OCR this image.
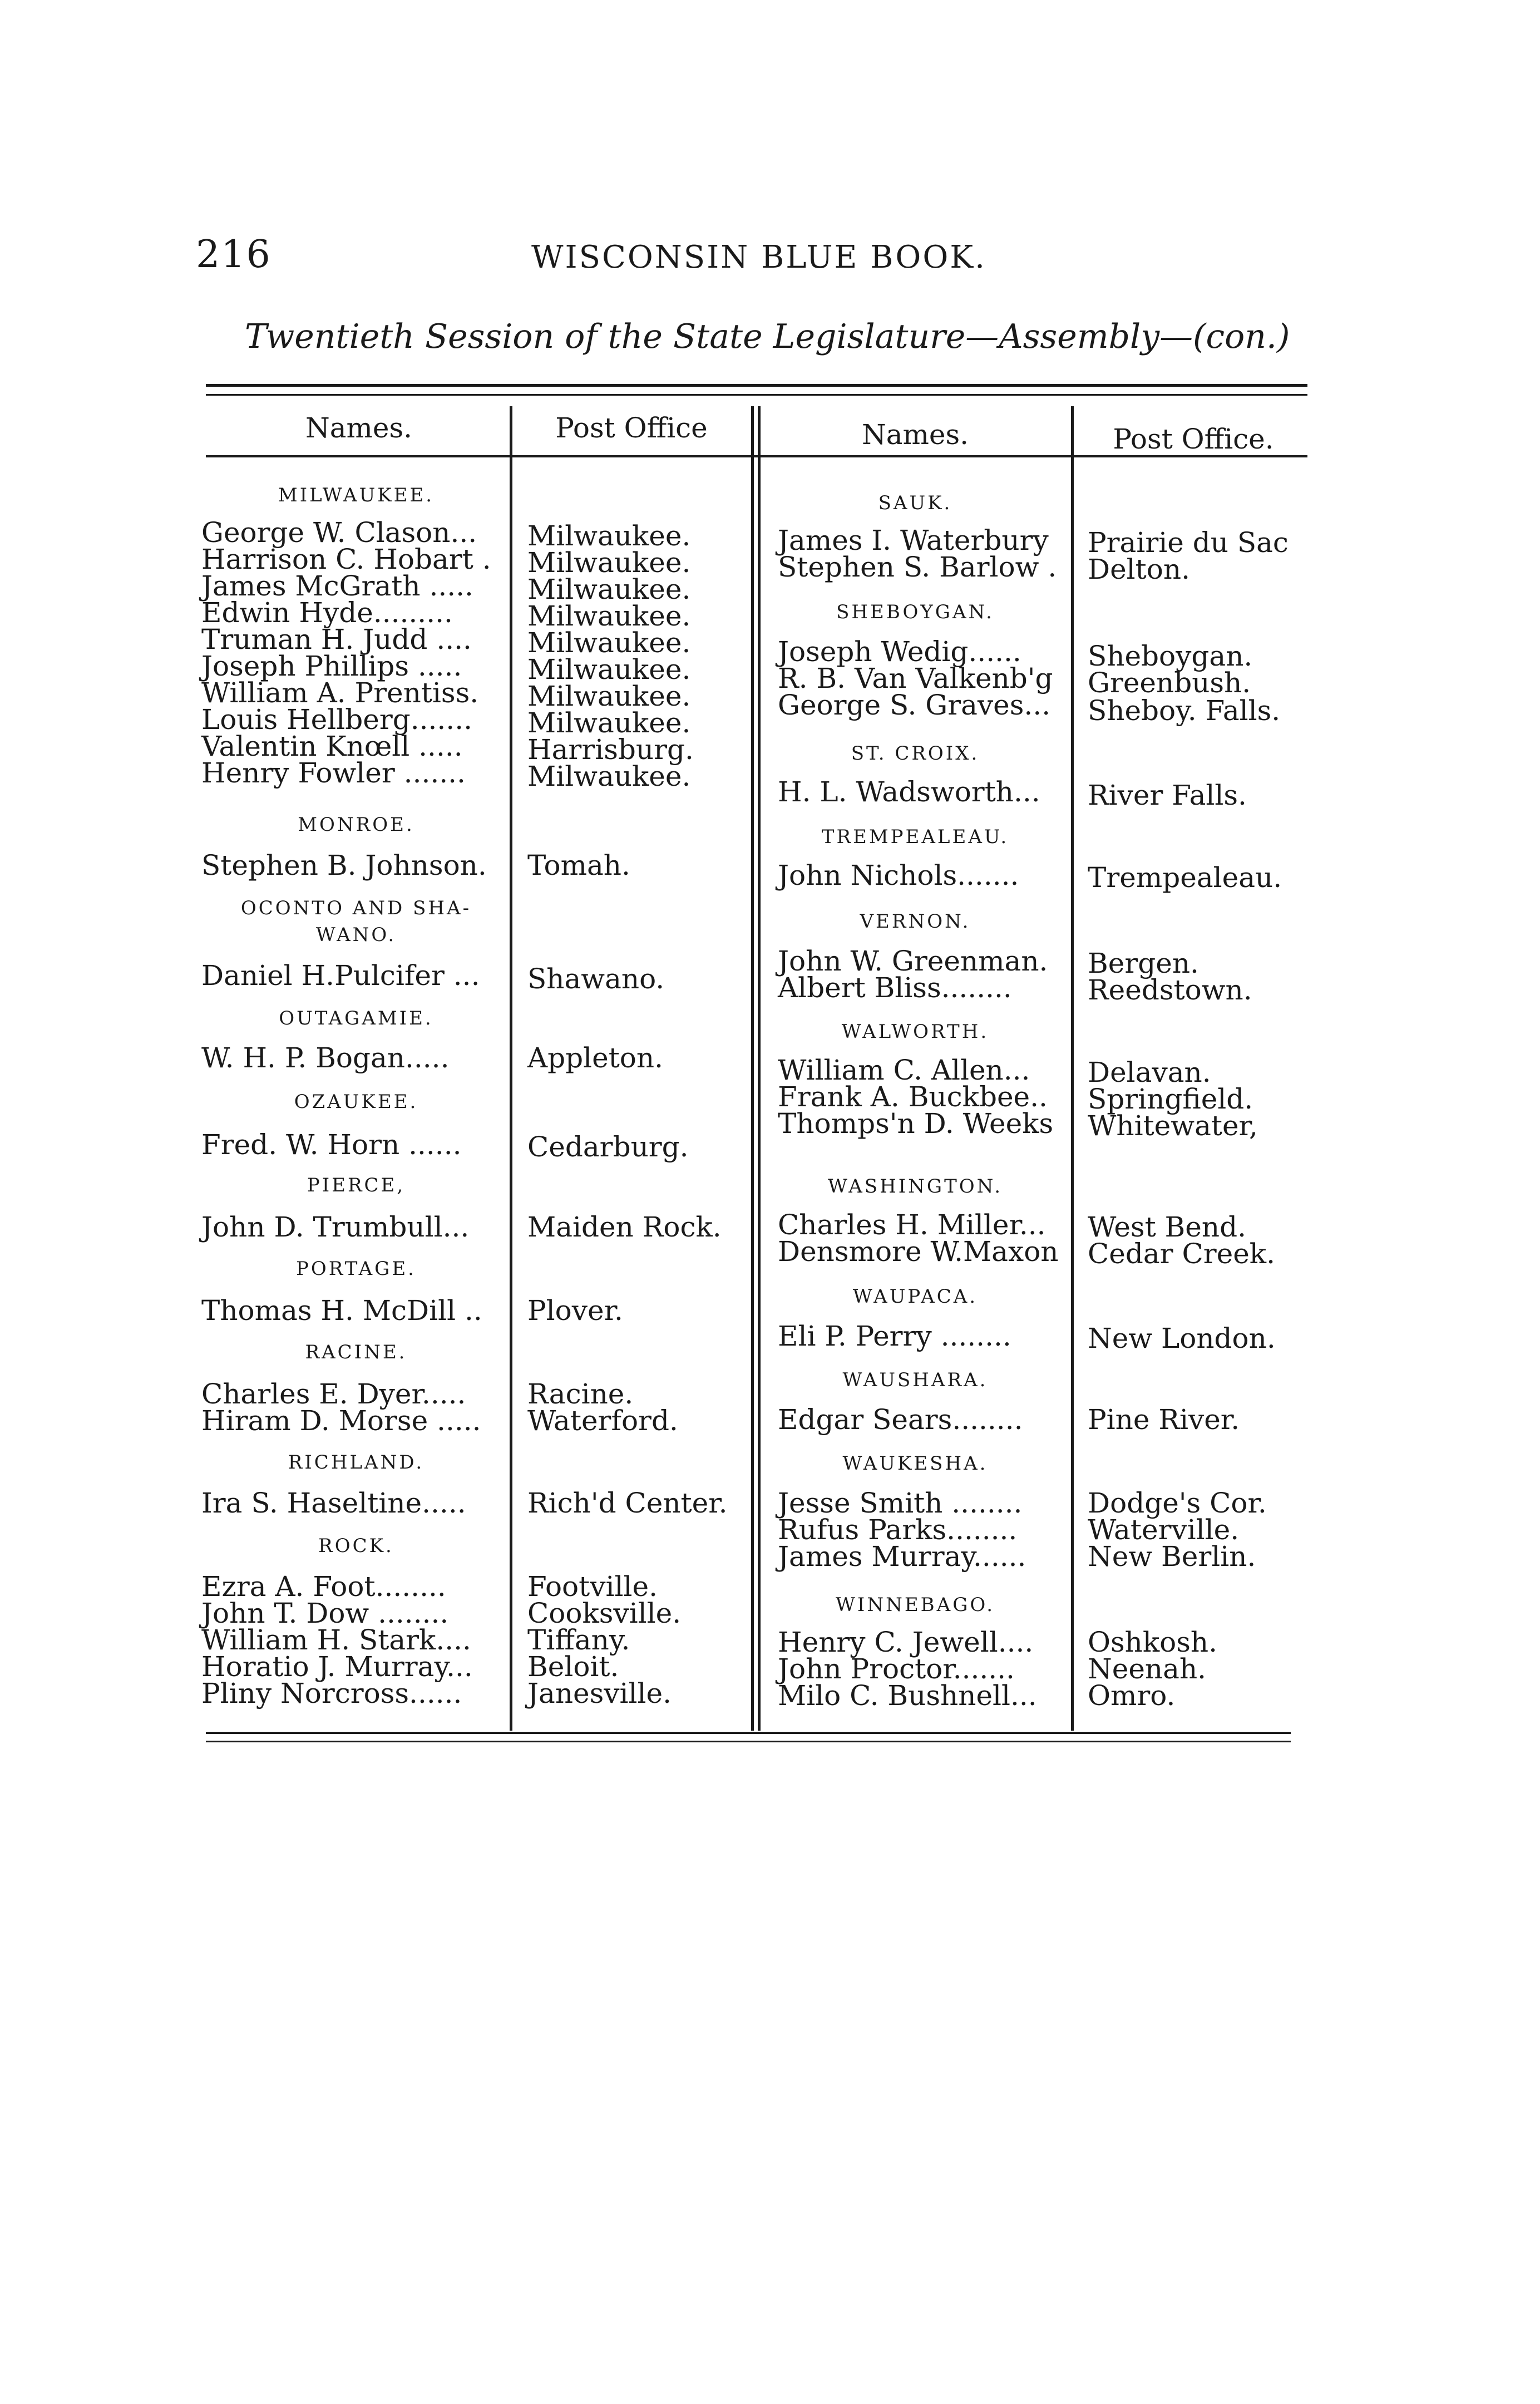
216	WISCONSIN BLUE BOOK.
Twentieth Session of the State Legislature—Assembly—(con.)
Names.	Post Office	Names.	Post Office.
MILWAUKEE.
George W. Clason... Milwaukee.
Harrison C. Hobart . Milwaukee.
James McGrath ..... Milwaukee.
Edwin Hyde.........	Milwaukee.
Truman H. Judd .... Milwaukee.
Joseph Phillips ..... Milwaukee.
William A. Prentiss. Milwaukee.
Louis Hellberg....... Milwaukee.
Valentin Knœll ..... Harrisburg.
Henry Fowler ....... Milwaukee.
MONROE.
Stephen B. Johnson. Tomah.
OCONTO AND SHA-
WANO.
Daniel H.Pulcifer ... Shawano.
OUTAGAMIE.
W. H. P. Bogan.....	Appleton.
OZAUKEE.
Fred. W. Horn ...... Cedarburg.
PIERCE,
John D. Trumbull... Maiden Rock.
PORTAGE.
Thomas H. McDill .. Plover.
RACINE.
Charles E. Dyer..... Racine.
Hiram D. Morse ..... Waterford.
RICHLAND.
Ira S. Haseltine..... Rich'd Center.
ROCK.
Ezra A. Foot........	Footville.
John T. Dow ........	Cooksville.
William H. Stark.... Tiffany.
Horatio J. Murray... Beloit.
Pliny Norcross...... Janesville.
SAUK.
James I. Waterbury Prairie du Sac
Stephen S. Barlow . Delton.
SHEBOYGAN.
Joseph Wedig...... Sheboygan.
R. B. Van Valkenb'g Greenbush.
George S. Graves... Sheboy. Falls.
ST. CROIX.
H. L. Wadsworth... River Falls.
TREMPEALEAU.
John Nichols....... Trempealeau.
VERNON.
John W. Greenman. Bergen.
Albert Bliss........	Reedstown.
WALWORTH.
William C. Allen... Delavan.
Frank A. Buckbee.. Springfield.
Thomps'n D. Weeks Whitewater,
WASHINGTON.
Charles H. Miller... West Bend.
Densmore W.Maxon Cedar Creek.
WAUPACA.
Eli P. Perry ........	New London.
WAUSHARA.
Edgar Sears........ Pine River.
WAUKESHA.
Jesse Smith ........ Dodge's Cor.
Rufus Parks........	Waterville.
James Murray...... New Berlin.
WINNEBAGO.
Henry C. Jewell.... Oshkosh.
John Proctor.......	Neenah.
Milo C. Bushnell... Omro.
